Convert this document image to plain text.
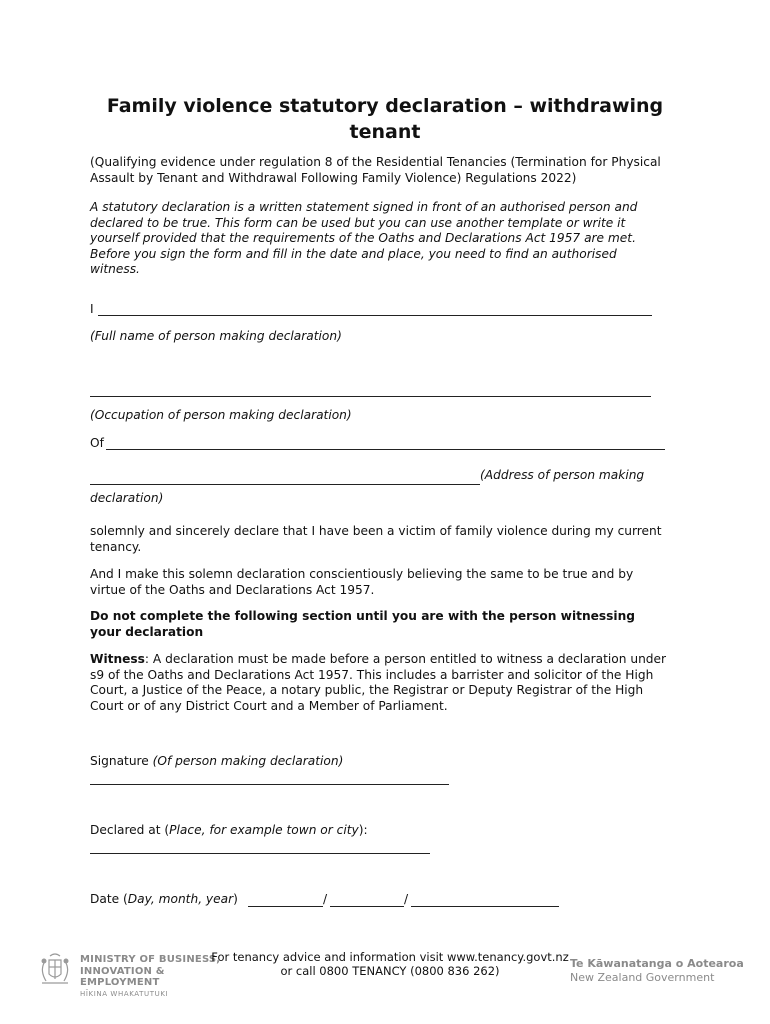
Family violence statutory declaration – withdrawing tenant
(Qualifying evidence under regulation 8 of the Residential Tenancies (Termination for Physical Assault by Tenant and Withdrawal Following Family Violence) Regulations 2022)
A statutory declaration is a written statement signed in front of an authorised person and declared to be true. This form can be used but you can use another template or write it yourself provided that the requirements of the Oaths and Declarations Act 1957 are met. Before you sign the form and fill in the date and place, you need to find an authorised witness.
I
(Full name of person making declaration)
(Occupation of person making declaration)
Of
(Address of person making
declaration)
solemnly and sincerely declare that I have been a victim of family violence during my current tenancy.
And I make this solemn declaration conscientiously believing the same to be true and by virtue of the Oaths and Declarations Act 1957.
Do not complete the following section until you are with the person witnessing your declaration
Witness: A declaration must be made before a person entitled to witness a declaration under s9 of the Oaths and Declarations Act 1957. This includes a barrister and solicitor of the High Court, a Justice of the Peace, a notary public, the Registrar or Deputy Registrar of the High Court or of any District Court and a Member of Parliament.
Signature (Of person making declaration)
Declared at (Place, for example town or city):
Date (Day, month, year)	/	/
MINISTRY OF BUSINESS,
INNOVATION & EMPLOYMENT
HĪKINA WHAKATUTUKI
For tenancy advice and information visit www.tenancy.govt.nz
or call 0800 TENANCY (0800 836 262)
Te Kāwanatanga o Aotearoa
New Zealand Government
